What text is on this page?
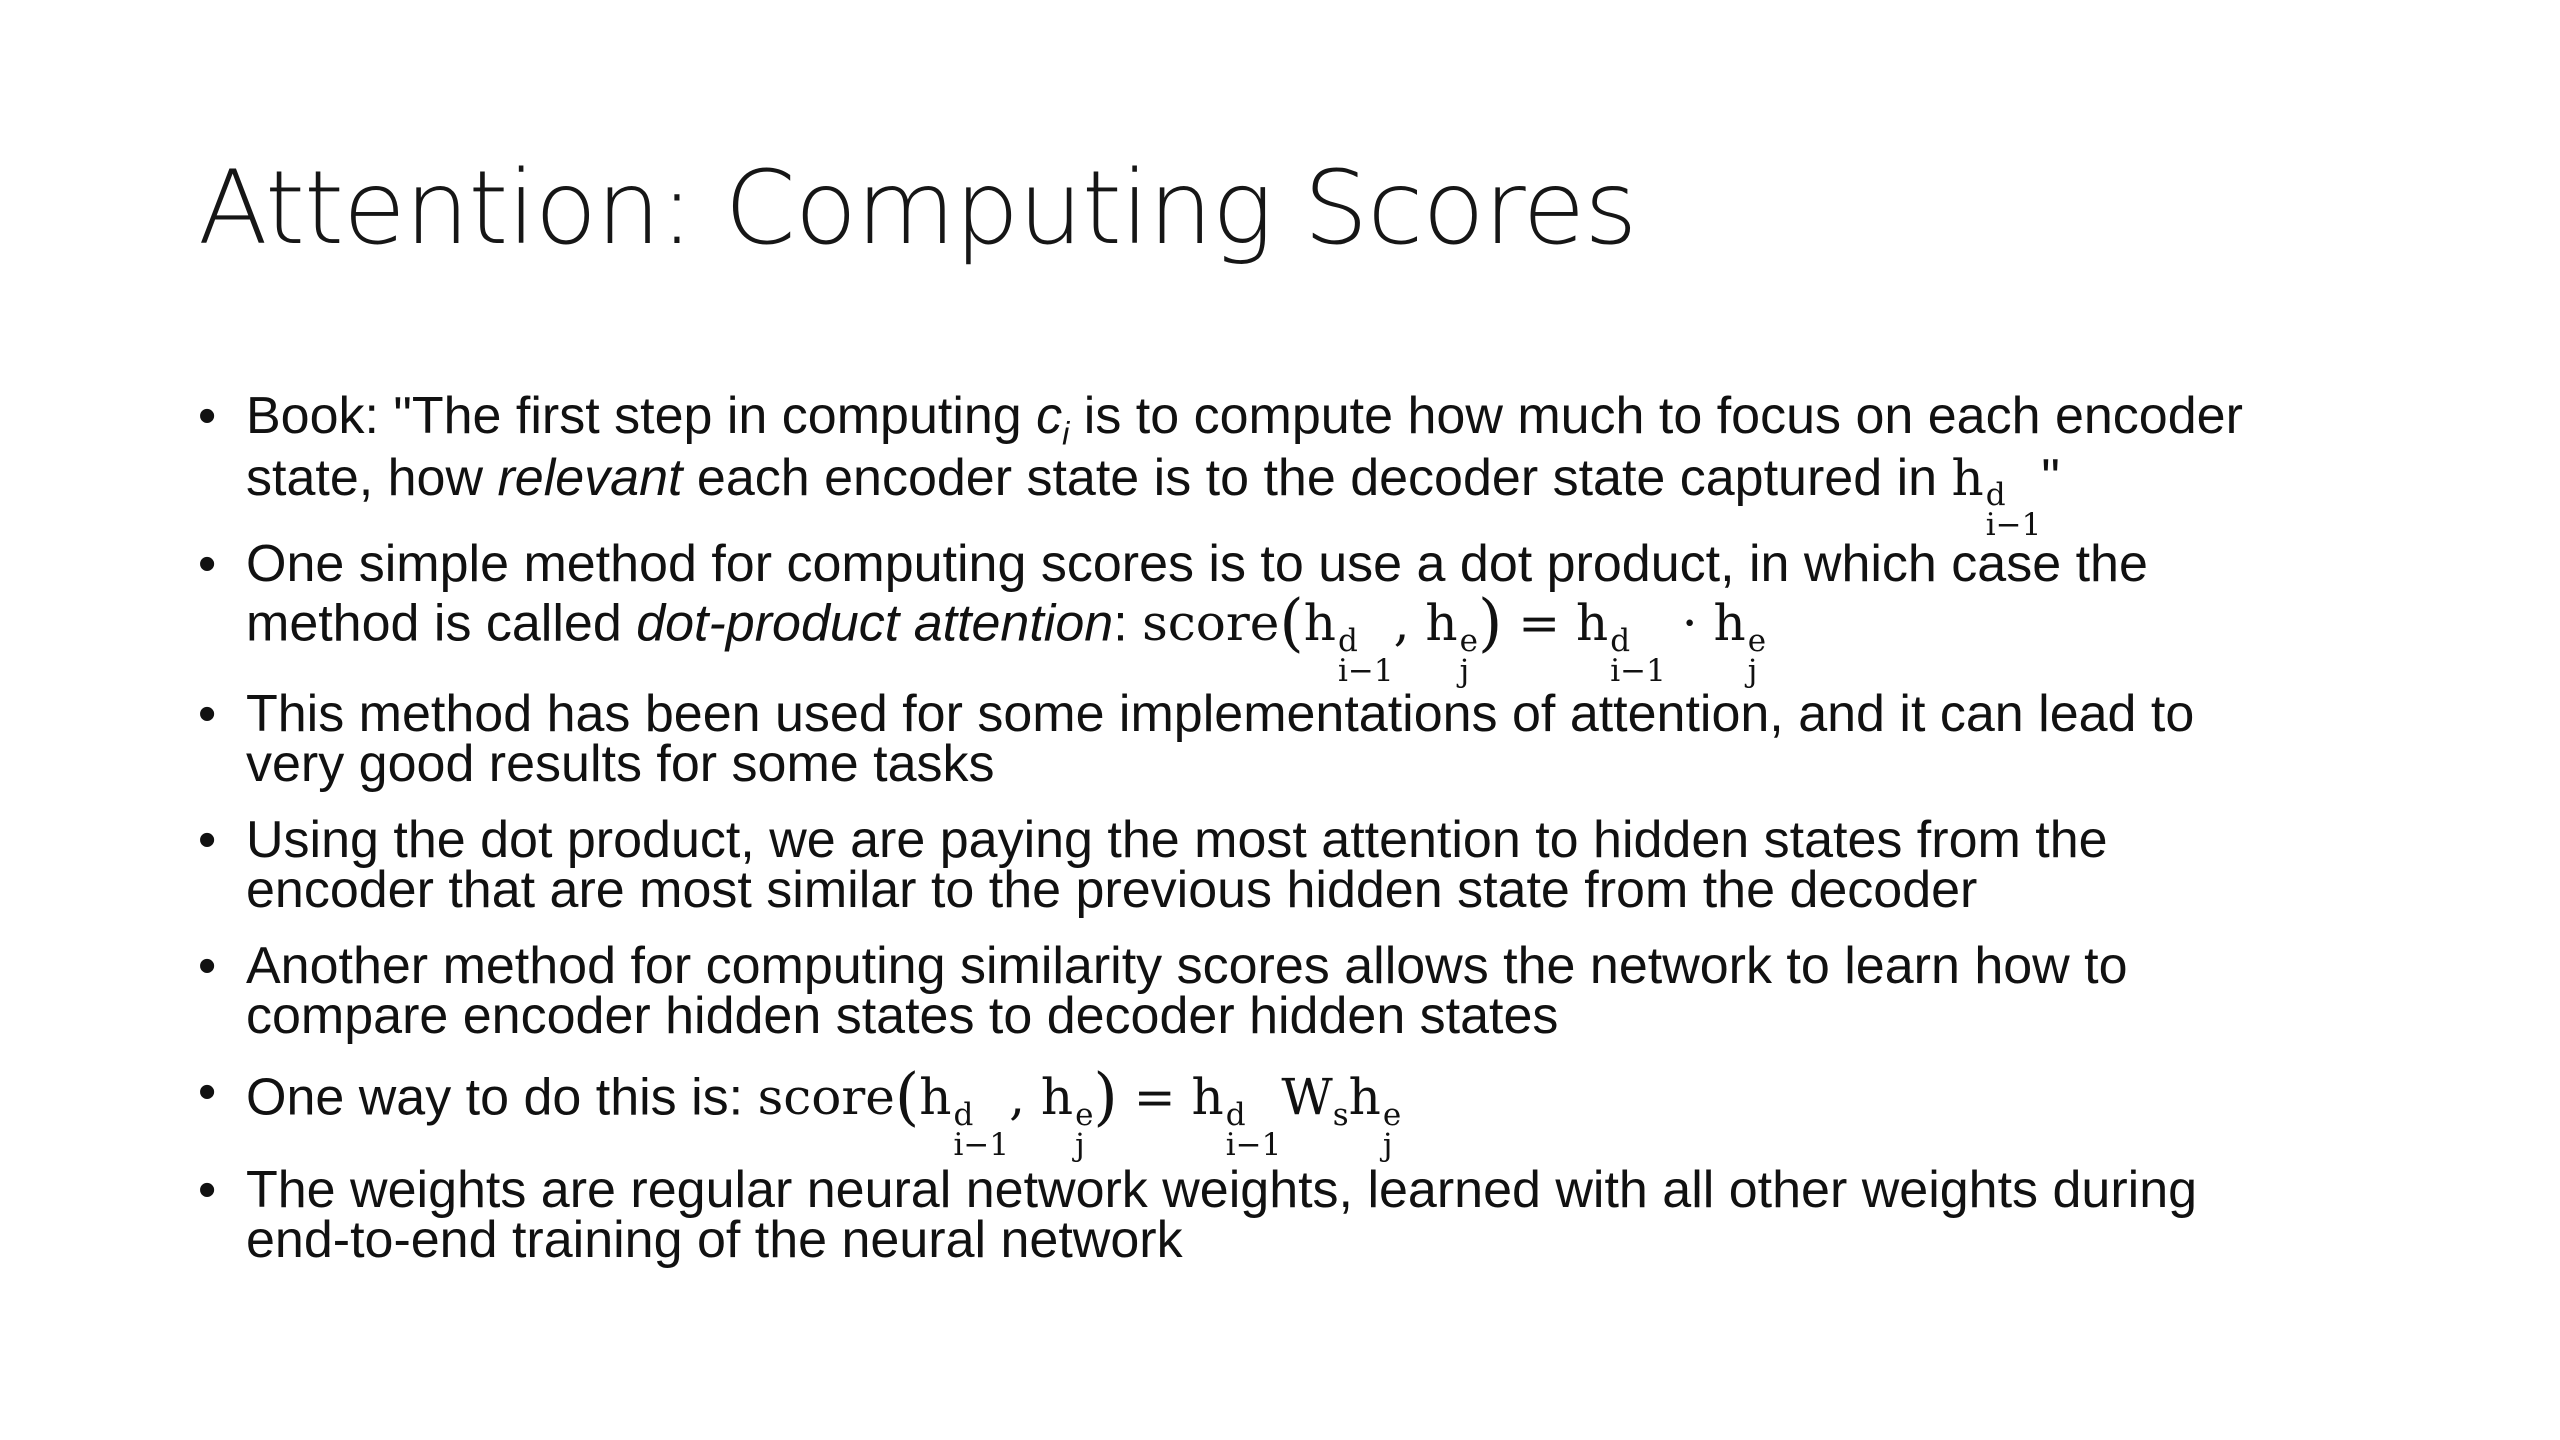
Attention: Computing Scores
• Book: "The first step in computing $c_i$ is to compute how much to focus on each encoder
state, how relevant each encoder state is to the decoder state captured in h d
i−1
"
• One simple method for computing scores is to use a dot product, in which case the
method is called dot-product attention: score(h d
i−1
, h e
j
) = h d
i−1
· h e
j
• This method has been used for some implementations of attention, and it can lead to
very good results for some tasks
• Using the dot product, we are paying the most attention to hidden states from the
encoder that are most similar to the previous hidden state from the decoder
• Another method for computing similarity scores allows the network to learn how to
compare encoder hidden states to decoder hidden states
• One way to do this is: score(h d
i−1
, h e
j
) = h d
i−1
$W_sh$ e
j
• The weights are regular neural network weights, learned with all other weights during
end-to-end training of the neural network
